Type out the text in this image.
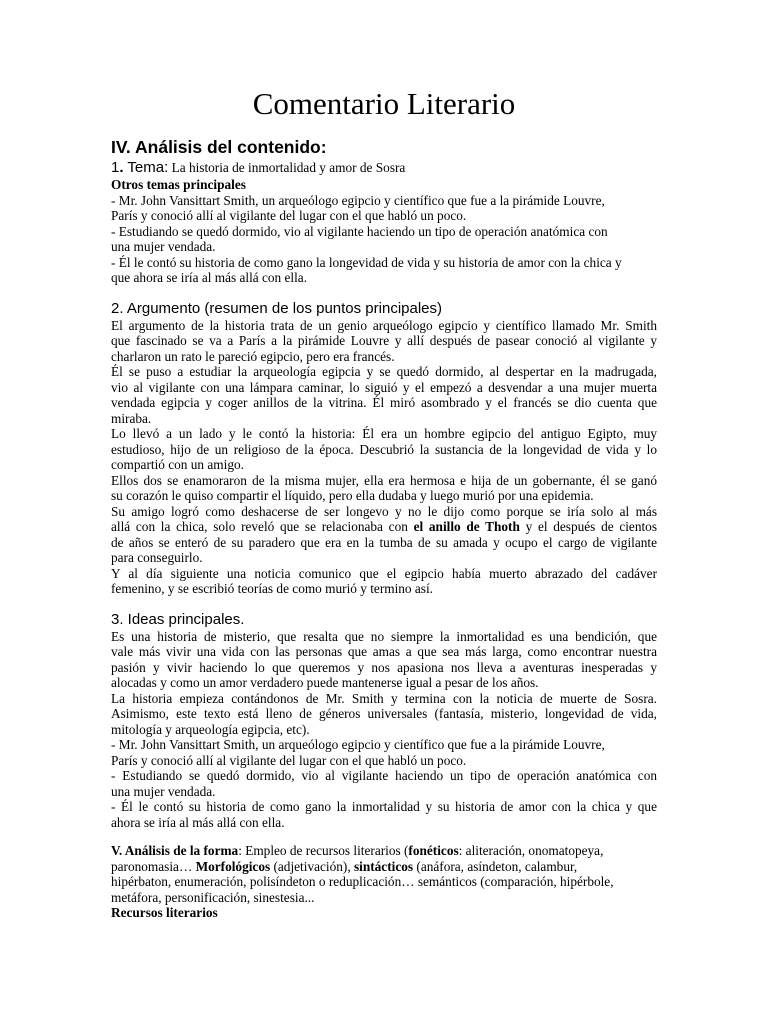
Comentario Literario
IV. Análisis del contenido:

1. Tema: La historia de inmortalidad y amor de Sosra

Otros temas principales

- Mr. John Vansittart Smith, un arqueólogo egipcio y científico que fue a la pirámide Louvre,

París y conoció allí al vigilante del lugar con el que habló un poco.

- Estudiando se quedó dormido, vio al vigilante haciendo un tipo de operación anatómica con

una mujer vendada.

- Él le contó su historia de como gano la longevidad de vida y su historia de amor con la chica y

que ahora se iría al más allá con ella.

2. Argumento (resumen de los puntos principales)

El argumento de la historia trata de un genio arqueólogo egipcio y científico llamado Mr. Smith

que fascinado se va a París a la pirámide Louvre y allí después de pasear conoció al vigilante y

charlaron un rato le pareció egipcio, pero era francés.

Él se puso a estudiar la arqueología egipcia y se quedó dormido, al despertar en la madrugada,

vio al vigilante con una lámpara caminar, lo siguió y el empezó a desvendar a una mujer muerta

vendada egipcia y coger anillos de la vitrina. Él miró asombrado y el francés se dio cuenta que

miraba.

Lo llevó a un lado y le contó la historia: Él era un hombre egipcio del antiguo Egipto, muy

estudioso, hijo de un religioso de la época. Descubrió la sustancia de la longevidad de vida y lo

compartió con un amigo.

Ellos dos se enamoraron de la misma mujer, ella era hermosa e hija de un gobernante, él se ganó

su corazón le quiso compartir el líquido, pero ella dudaba y luego murió por una epidemia.

Su amigo logró como deshacerse de ser longevo y no le dijo como porque se iría solo al más

allá con la chica, solo reveló que se relacionaba con el anillo de Thoth y el después de cientos

de años se enteró de su paradero que era en la tumba de su amada y ocupo el cargo de vigilante

para conseguirlo.

Y al día siguiente una noticia comunico que el egipcio había muerto abrazado del cadáver

femenino, y se escribió teorías de como murió y termino así.

3. Ideas principales.

Es una historia de misterio, que resalta que no siempre la inmortalidad es una bendición, que

vale más vivir una vida con las personas que amas a que sea más larga, como encontrar nuestra

pasión y vivir haciendo lo que queremos y nos apasiona nos lleva a aventuras inesperadas y

alocadas y como un amor verdadero puede mantenerse igual a pesar de los años.

La historia empieza contándonos de Mr. Smith y termina con la noticia de muerte de Sosra.

Asimismo, este texto está lleno de géneros universales (fantasía, misterio, longevidad de vida,

mitología y arqueología egipcia, etc).

- Mr. John Vansittart Smith, un arqueólogo egipcio y científico que fue a la pirámide Louvre,

París y conoció allí al vigilante del lugar con el que habló un poco.

- Estudiando se quedó dormido, vio al vigilante haciendo un tipo de operación anatómica con

una mujer vendada.

- Él le contó su historia de como gano la inmortalidad y su historia de amor con la chica y que

ahora se iría al más allá con ella.

V. Análisis de la forma: Empleo de recursos literarios (fonéticos: aliteración, onomatopeya,

paronomasia… Morfológicos (adjetivación), sintácticos (anáfora, asíndeton, calambur,

hipérbaton, enumeración, polisíndeton o reduplicación… semánticos (comparación, hipérbole,

metáfora, personificación, sinestesia...

Recursos literarios
